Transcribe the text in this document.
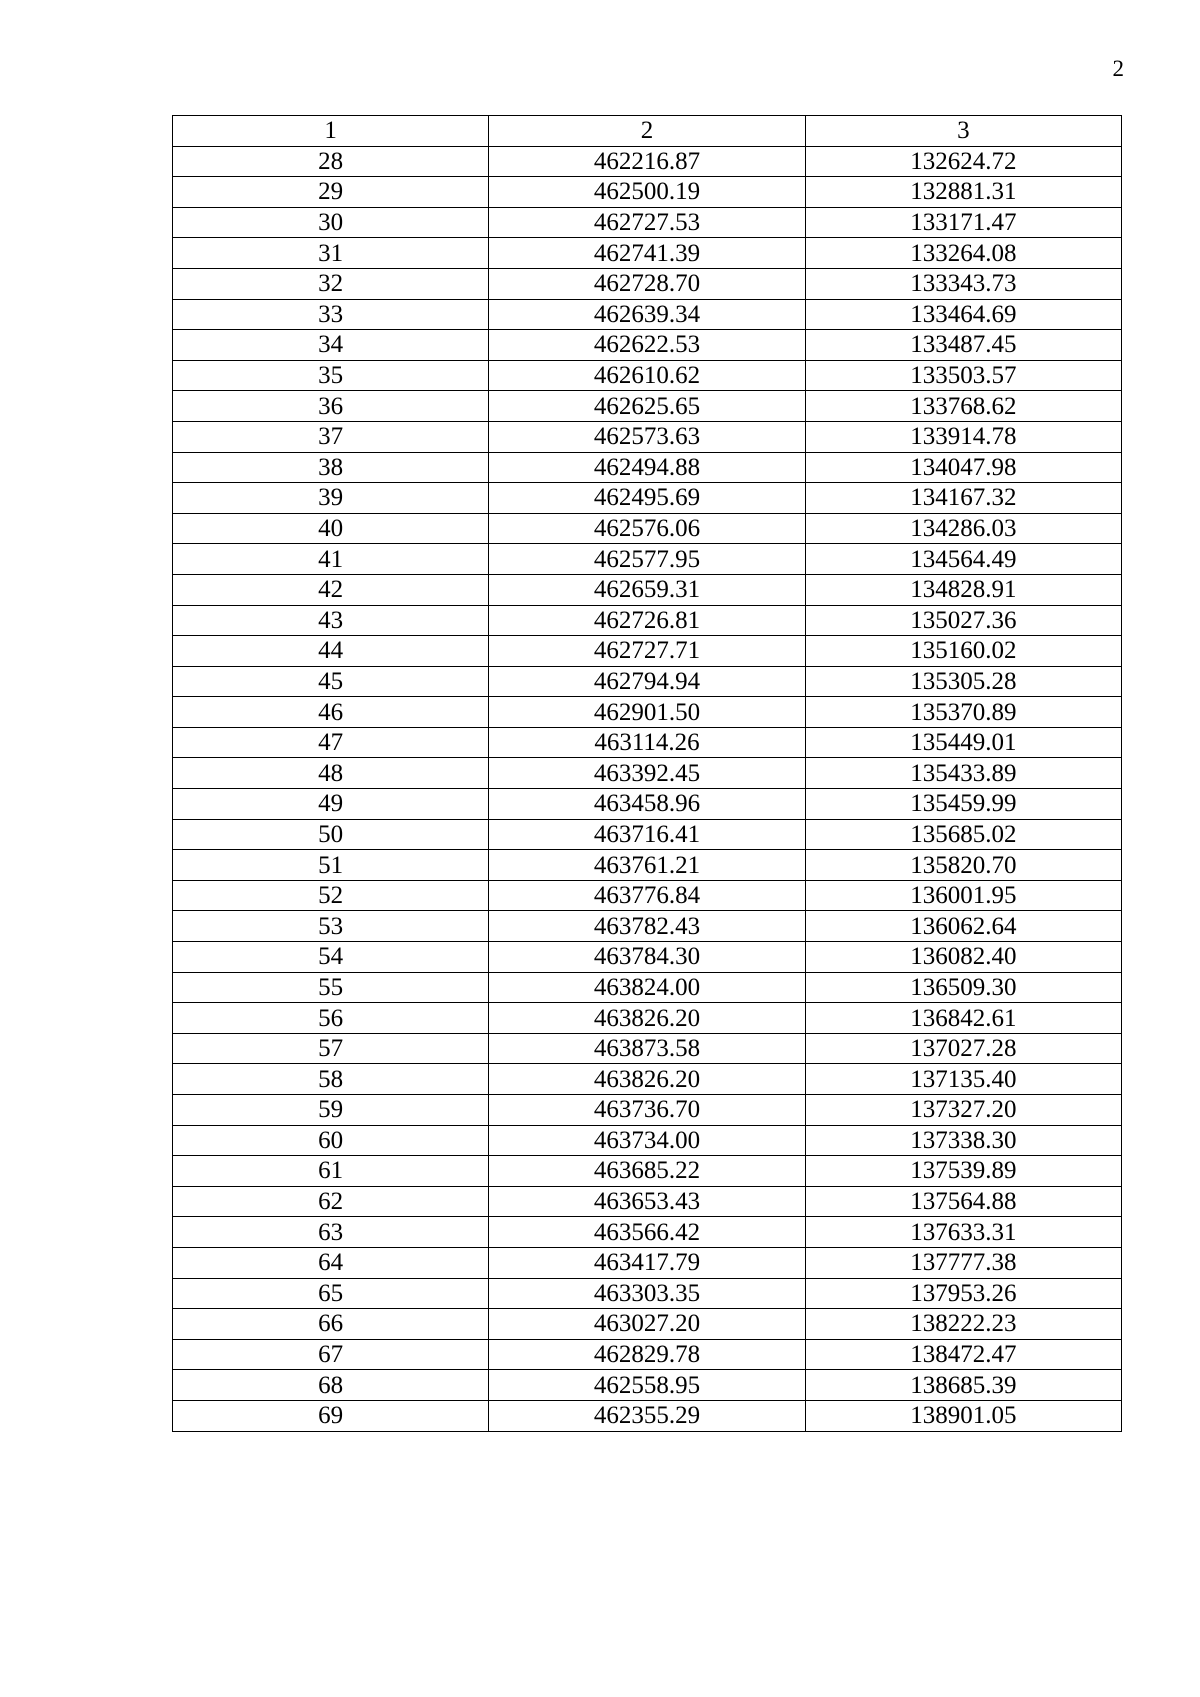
2
1	2	3
28	462216.87	132624.72
29	462500.19	132881.31
30	462727.53	133171.47
31	462741.39	133264.08
32	462728.70	133343.73
33	462639.34	133464.69
34	462622.53	133487.45
35	462610.62	133503.57
36	462625.65	133768.62
37	462573.63	133914.78
38	462494.88	134047.98
39	462495.69	134167.32
40	462576.06	134286.03
41	462577.95	134564.49
42	462659.31	134828.91
43	462726.81	135027.36
44	462727.71	135160.02
45	462794.94	135305.28
46	462901.50	135370.89
47	463114.26	135449.01
48	463392.45	135433.89
49	463458.96	135459.99
50	463716.41	135685.02
51	463761.21	135820.70
52	463776.84	136001.95
53	463782.43	136062.64
54	463784.30	136082.40
55	463824.00	136509.30
56	463826.20	136842.61
57	463873.58	137027.28
58	463826.20	137135.40
59	463736.70	137327.20
60	463734.00	137338.30
61	463685.22	137539.89
62	463653.43	137564.88
63	463566.42	137633.31
64	463417.79	137777.38
65	463303.35	137953.26
66	463027.20	138222.23
67	462829.78	138472.47
68	462558.95	138685.39
69	462355.29	138901.05
